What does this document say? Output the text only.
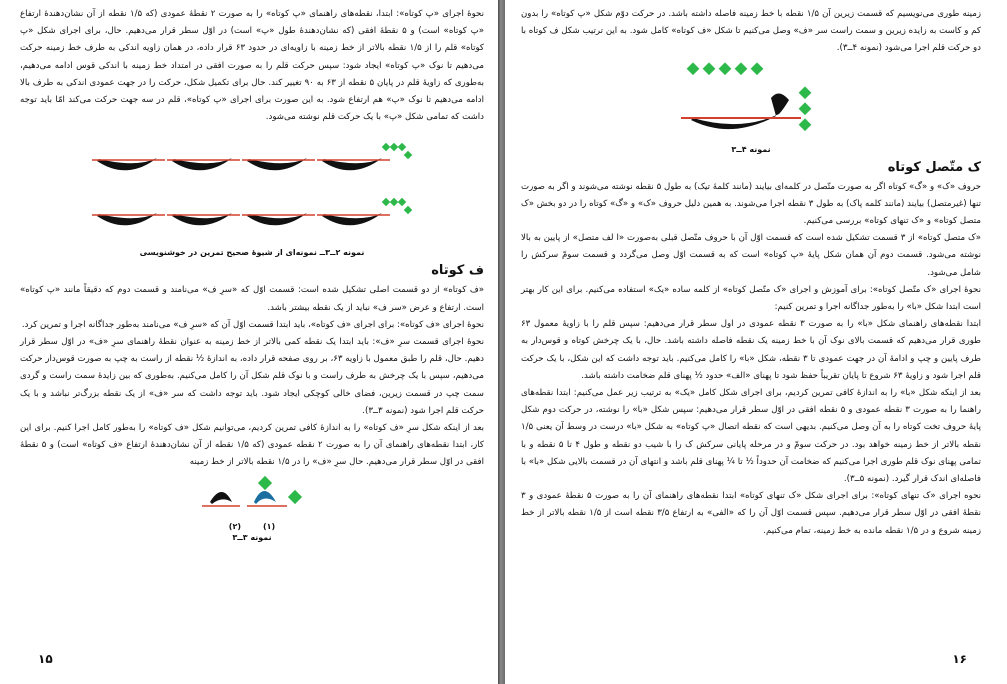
نحوهٔ اجرای «پ کوتاه»: ابتدا، نقطه‌های راهنمای «پ کوتاه» را به صورت ۲ نقطهٔ عمودی (که ۱/۵ نقطه از آن نشان‌دهندهٔ ارتفاع «پ کوتاه» است) و ۵ نقطهٔ افقی (که نشان‌دهندهٔ طول «پ» است) در اوّل سطر قرار می‌دهیم. حال، برای اجرای شکل «پ کوتاه» قلم را از ۱/۵ نقطه بالاتر از خط زمینه با زاویه‌ای در حدود ۶۳ قرار داده، در همان زاویه اندکی به طرف خط زمینه حرکت می‌دهیم تا نوک «پ کوتاه» ایجاد شود: سپس حرکت قلم را به صورت افقی در امتداد خط زمینه با اندکی قوس ادامه می‌دهیم، به‌طوری که زاویهٔ قلم در پایان ۵ نقطه از ۶۳ به ۹۰ تغییر کند. حال برای تکمیل شکل، حرکت را در جهت عمودی اندکی به طرف بالا ادامه می‌دهیم تا نوک «پ» هم ارتفاع شود. به این صورت برای اجرای «پ کوتاه»، قلم در سه جهت حرکت می‌کند امّا باید توجه داشت که تمامی شکل «پ» با یک حرکت قلم نوشته می‌شود.

نمونه ۲ــ۳ــ نمونه‌ای از شیوهٔ صحیح تمرین در خوشنویسی
ف کوتاه

«ف کوتاه» از دو قسمت اصلی تشکیل شده است: قسمت اوّل که «سرِ ف» می‌نامند و قسمت دوم که دقیقاً مانند «پ کوتاه» است. ارتفاع و عرض «سر ف» نباید از یک نقطه بیشتر باشد.

نحوهٔ اجرای «ف کوتاه»: برای اجرای «ف کوتاه»، باید ابتدا قسمت اوّل آن که «سرِ ف» می‌نامند به‌طور جداگانه اجرا و تمرین کرد.

نحوهٔ اجرای قسمت سرِ «ف»: باید ابتدا یک نقطه کمی بالاتر از خط زمینه به عنوان نقطهٔ راهنمای سرِ «ف» در اوّل سطر قرار دهیم. حال، قلم را طبق معمول با زاویه ۶۳، بر روی صفحه قرار داده، به اندازهٔ ½ نقطه از راست به چپ به صورت قوس‌دار حرکت می‌دهیم، سپس با یک چرخش به طرف راست و با نوک قلم شکل آن را کامل می‌کنیم. به‌طوری که بین زایدهٔ سمت راست و گردی سمت چپ در قسمت زیرین، فضای خالی کوچکی ایجاد شود. باید توجه داشت که سر «ف» از یک نقطه بزرگ‌تر نباشد و با یک حرکت قلم اجرا شود (نمونه ۳ــ۳).

بعد از اینکه شکل سرِ «ف کوتاه» را به اندازهٔ کافی تمرین کردیم، می‌توانیم شکل «ف کوتاه» را به‌طور کامل اجرا کنیم. برای این کار، ابتدا نقطه‌های راهنمای آن را به صورت ۲ نقطه عمودی (که ۱/۵ نقطه از آن نشان‌دهندهٔ ارتفاع «ف کوتاه» است) و ۵ نقطهٔ افقی در اوّل سطر قرار می‌دهیم. حال سرِ «ف» را در ۱/۵ نقطه بالاتر از خط زمینه

(۱)
(۲)
نمونه ۳ــ۳
۱۵

زمینه طوری می‌نویسیم که قسمت زیرین آن ۱/۵ نقطه با خط زمینه فاصله داشته باشد. در حرکت دوّم شکل «پ کوتاه» را بدون کم و کاست به زایده زیرین و سمت راست سر «ف» وصل می‌کنیم تا شکل «ف کوتاه» کامل شود. به این ترتیب شکل ف کوتاه با دو حرکت قلم اجرا می‌شود (نمونه ۴ــ۳).

نمونه ۴ــ۳
ک متّصل کوتاه

حروف «ک» و «گ» کوتاه اگر به صورت متّصل در کلمه‌ای بیایند (مانند کلمهٔ تیک) به طول ۵ نقطه نوشته می‌شوند و اگر به صورت تنها (غیرمتصل) بیایند (مانند کلمه پاک) به طول ۳ نقطه اجرا می‌شوند. به همین دلیل حروف «ک» و «گ» کوتاه را در دو بخش «ک متصل کوتاه» و «ک تنهای کوتاه» بررسی می‌کنیم.

«ک متصل کوتاه» از ۳ قسمت تشکیل شده است که قسمت اوّل آن با حروف متّصل قبلی به‌صورت «ا لف متصل» از پایین به بالا نوشته می‌شود. قسمت دوم آن همان شکل پایهٔ «پ کوتاه» است که به قسمت اوّل وصل می‌گردد و قسمت سومّ سرکش را شامل می‌شود.

نحوهٔ اجرای «ک متّصل کوتاه»: برای آموزش و اجرای «ک متّصل کوتاه» از کلمه ساده «یک» استفاده می‌کنیم. برای این کار بهتر است ابتدا شکل «با» را به‌طور جداگانه اجرا و تمرین کنیم:

ابتدا نقطه‌های راهنمای شکل «با» را به صورت ۳ نقطه عمودی در اول سطر قرار می‌دهیم: سپس قلم را با زاویهٔ معمول ۶۳ طوری قرار می‌دهیم که قسمت بالای نوک آن با خط زمینه یک نقطه فاصله داشته باشد. حال، با یک چرخش کوتاه و قوس‌دار به طرف پایین و چپ و ادامهٔ آن در جهت عمودی تا ۳ نقطه، شکل «با» را کامل می‌کنیم. باید توجه داشت که این شکل، با یک حرکت قلم اجرا شود و زاویهٔ ۶۳ شروع تا پایان تقریباً حفظ شود تا پهنای «الف» حدود ½ پهنای قلم ضخامت داشته باشد.

بعد از اینکه شکل «با» را به اندازهٔ کافی تمرین کردیم، برای اجرای شکل کامل «یک» به ترتیب زیر عمل می‌کنیم: ابتدا نقطه‌های راهنما را به صورت ۳ نقطه عمودی و ۵ نقطه افقی در اوّل سطر قرار می‌دهیم: سپس شکل «با» را نوشته، در حرکت دوم شکل پایهٔ حروف تخت کوتاه را به آن وصل می‌کنیم. بدیهی است که نقطه اتصال «پ کوتاه» به شکل «با» درست در وسط آن یعنی ۱/۵ نقطه بالاتر از خط زمینه خواهد بود. در حرکت سومّ و در مرحله پایانی سرکش ک را با شیب دو نقطه و طول ۴ تا ۵ نقطه و با تمامی پهنای نوک قلم طوری اجرا می‌کنیم که ضخامت آن حدوداً ½ تا ¼ پهنای قلم باشد و انتهای آن در قسمت بالایی شکل «با» با فاصله‌ای اندک قرار گیرد. (نمونه ۵ــ۳).

نحوه اجرای «ک تنهای کوتاه»: برای اجرای شکل «ک تنهای کوتاه» ابتدا نقطه‌های راهنمای آن را به صورت ۵ نقطهٔ عمودی و ۳ نقطهٔ افقی در اوّل سطر قرار می‌دهیم. سپس قسمت اوّل آن را که «الفی» به ارتفاع ۳/۵ نقطه است از ۱/۵ نقطه بالاتر از خط زمینه شروع و در ۱/۵ نقطه مانده به خط زمینه، تمام می‌کنیم.

۱۶
